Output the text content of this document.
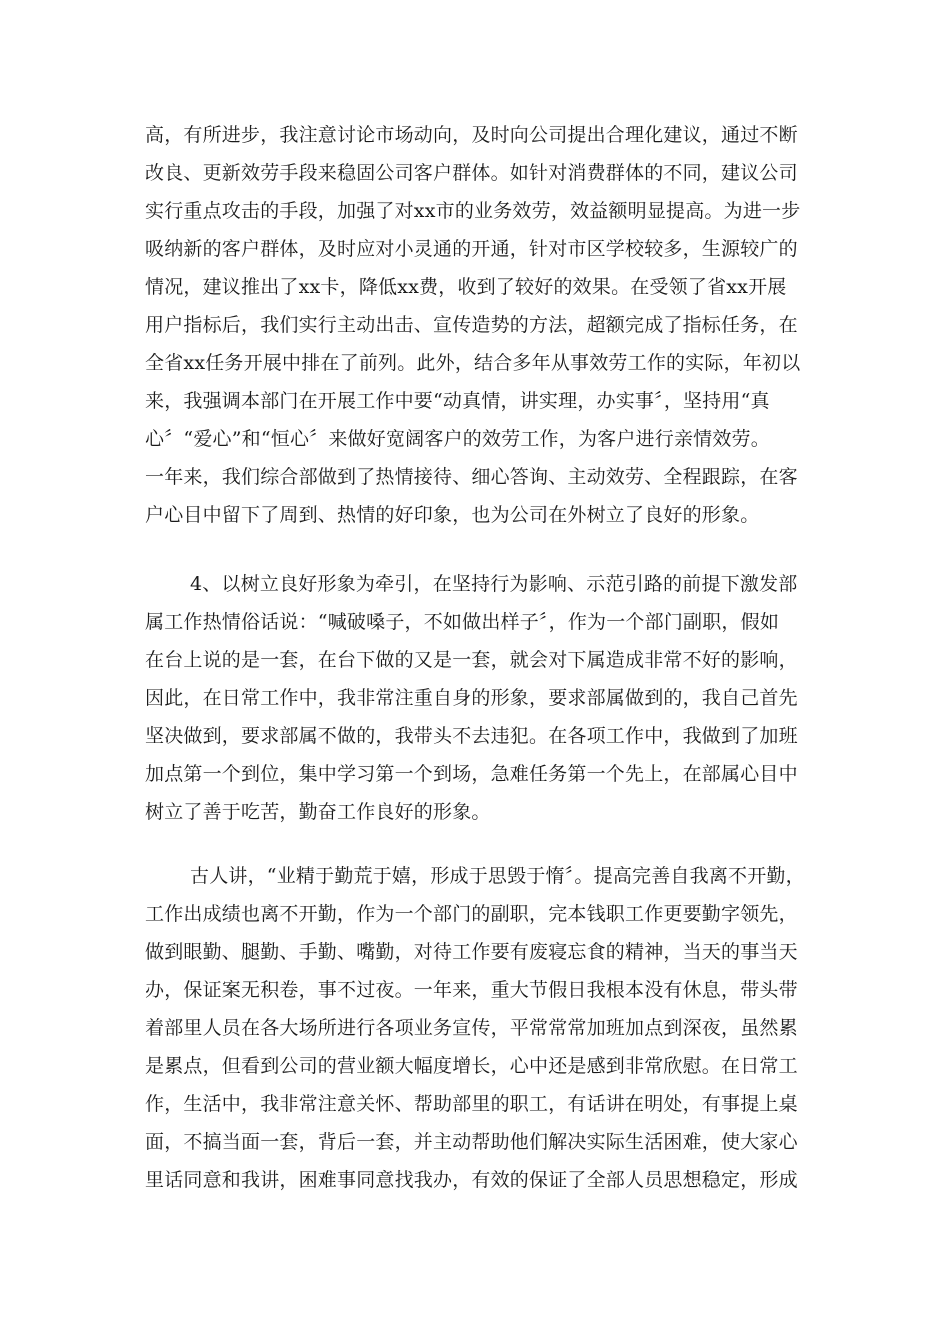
高，有所进步，我注意讨论市场动向，及时向公司提出合理化建议，通过不断
改良、更新效劳手段来稳固公司客户群体。如针对消费群体的不同，建议公司
实行重点攻击的手段，加强了对xx市的业务效劳，效益额明显提高。为进一步
吸纳新的客户群体，及时应对小灵通的开通，针对市区学校较多，生源较广的
情况，建议推出了xx卡，降低xx费，收到了较好的效果。在受领了省xx开展
用户指标后，我们实行主动出击、宣传造势的方法，超额完成了指标任务，在
全省xx任务开展中排在了前列。此外，结合多年从事效劳工作的实际，年初以
来，我强调本部门在开展工作中要“动真情，讲实理，办实事〞，坚持用“真
心〞“爱心”和“恒心〞来做好宽阔客户的效劳工作，为客户进行亲情效劳。
一年来，我们综合部做到了热情接待、细心答询、主动效劳、全程跟踪，在客
户心目中留下了周到、热情的好印象，也为公司在外树立了良好的形象。
4、以树立良好形象为牵引，在坚持行为影响、示范引路的前提下激发部
属工作热情俗话说：“喊破嗓子，不如做出样子〞，作为一个部门副职，假如
在台上说的是一套，在台下做的又是一套，就会对下属造成非常不好的影响，
因此，在日常工作中，我非常注重自身的形象，要求部属做到的，我自己首先
坚决做到，要求部属不做的，我带头不去违犯。在各项工作中，我做到了加班
加点第一个到位，集中学习第一个到场，急难任务第一个先上，在部属心目中
树立了善于吃苦，勤奋工作良好的形象。
古人讲，“业精于勤荒于嬉，形成于思毁于惰〞。提高完善自我离不开勤，
工作出成绩也离不开勤，作为一个部门的副职，完本钱职工作更要勤字领先，
做到眼勤、腿勤、手勤、嘴勤，对待工作要有废寝忘食的精神，当天的事当天
办，保证案无积卷，事不过夜。一年来，重大节假日我根本没有休息，带头带
着部里人员在各大场所进行各项业务宣传，平常常常加班加点到深夜，虽然累
是累点，但看到公司的营业额大幅度增长，心中还是感到非常欣慰。在日常工
作，生活中，我非常注意关怀、帮助部里的职工，有话讲在明处，有事提上桌
面，不搞当面一套，背后一套，并主动帮助他们解决实际生活困难，使大家心
里话同意和我讲，困难事同意找我办，有效的保证了全部人员思想稳定，形成
